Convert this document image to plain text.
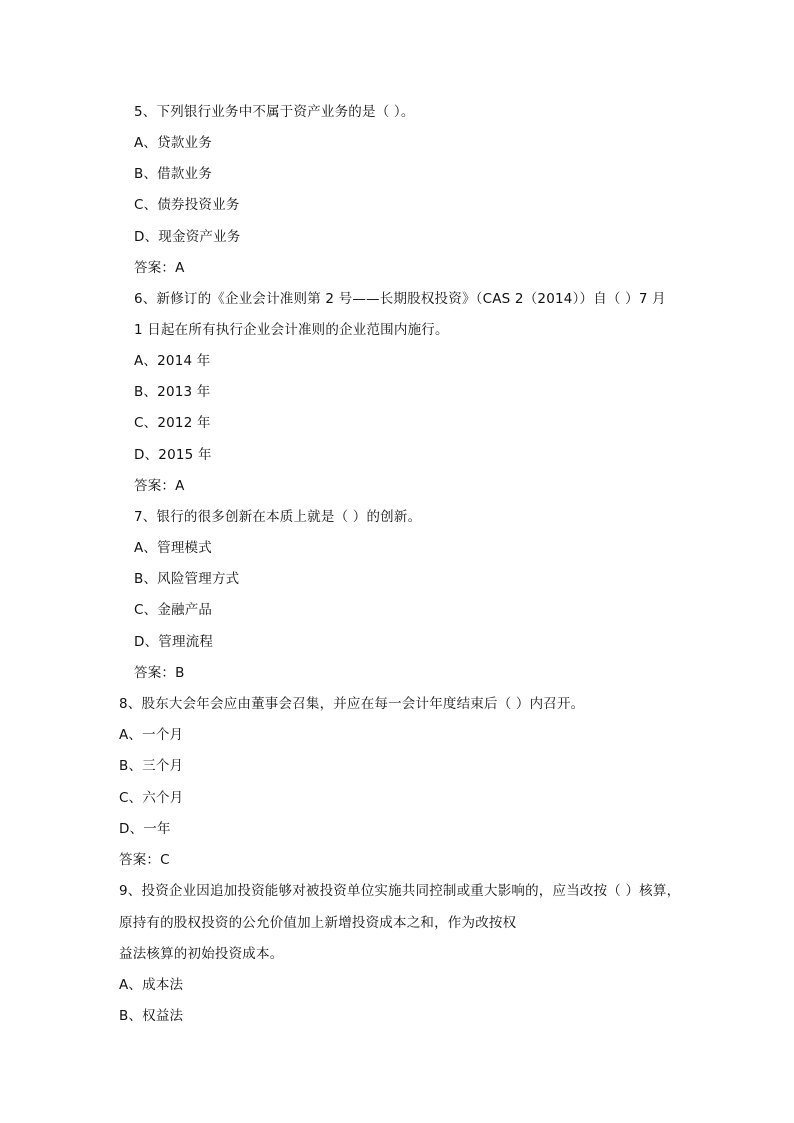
5、下列银行业务中不属于资产业务的是（ ）。
A、贷款业务
B、借款业务
C、债券投资业务
D、现金资产业务
答案：A
6、新修订的《企业会计准则第 2 号——长期股权投资》（CAS 2（2014））自（ ）7 月
1 日起在所有执行企业会计准则的企业范围内施行。
A、2014 年
B、2013 年
C、2012 年
D、2015 年
答案：A
7、银行的很多创新在本质上就是（ ）的创新。
A、管理模式
B、风险管理方式
C、金融产品
D、管理流程
答案：B
8、股东大会年会应由董事会召集，并应在每一会计年度结束后（ ）内召开。
A、一个月
B、三个月
C、六个月
D、一年
答案：C
9、投资企业因追加投资能够对被投资单位实施共同控制或重大影响的，应当改按（ ）核算，
原持有的股权投资的公允价值加上新增投资成本之和，作为改按权
益法核算的初始投资成本。
A、成本法
B、权益法
